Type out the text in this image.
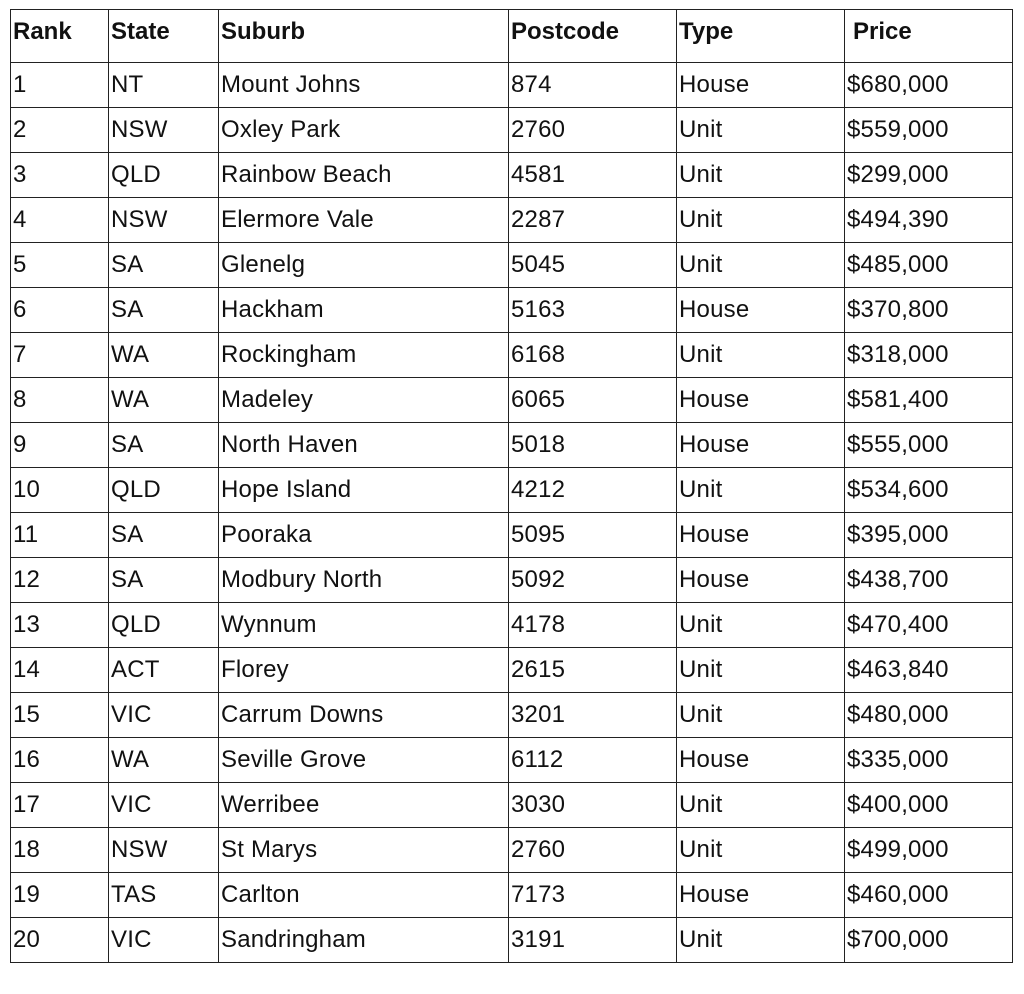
Rank	State	Suburb	Postcode	Type	Price
1	NT	Mount Johns	874	House	$680,000
2	NSW	Oxley Park	2760	Unit	$559,000
3	QLD	Rainbow Beach	4581	Unit	$299,000
4	NSW	Elermore Vale	2287	Unit	$494,390
5	SA	Glenelg	5045	Unit	$485,000
6	SA	Hackham	5163	House	$370,800
7	WA	Rockingham	6168	Unit	$318,000
8	WA	Madeley	6065	House	$581,400
9	SA	North Haven	5018	House	$555,000
10	QLD	Hope Island	4212	Unit	$534,600
11	SA	Pooraka	5095	House	$395,000
12	SA	Modbury North	5092	House	$438,700
13	QLD	Wynnum	4178	Unit	$470,400
14	ACT	Florey	2615	Unit	$463,840
15	VIC	Carrum Downs	3201	Unit	$480,000
16	WA	Seville Grove	6112	House	$335,000
17	VIC	Werribee	3030	Unit	$400,000
18	NSW	St Marys	2760	Unit	$499,000
19	TAS	Carlton	7173	House	$460,000
20	VIC	Sandringham	3191	Unit	$700,000
